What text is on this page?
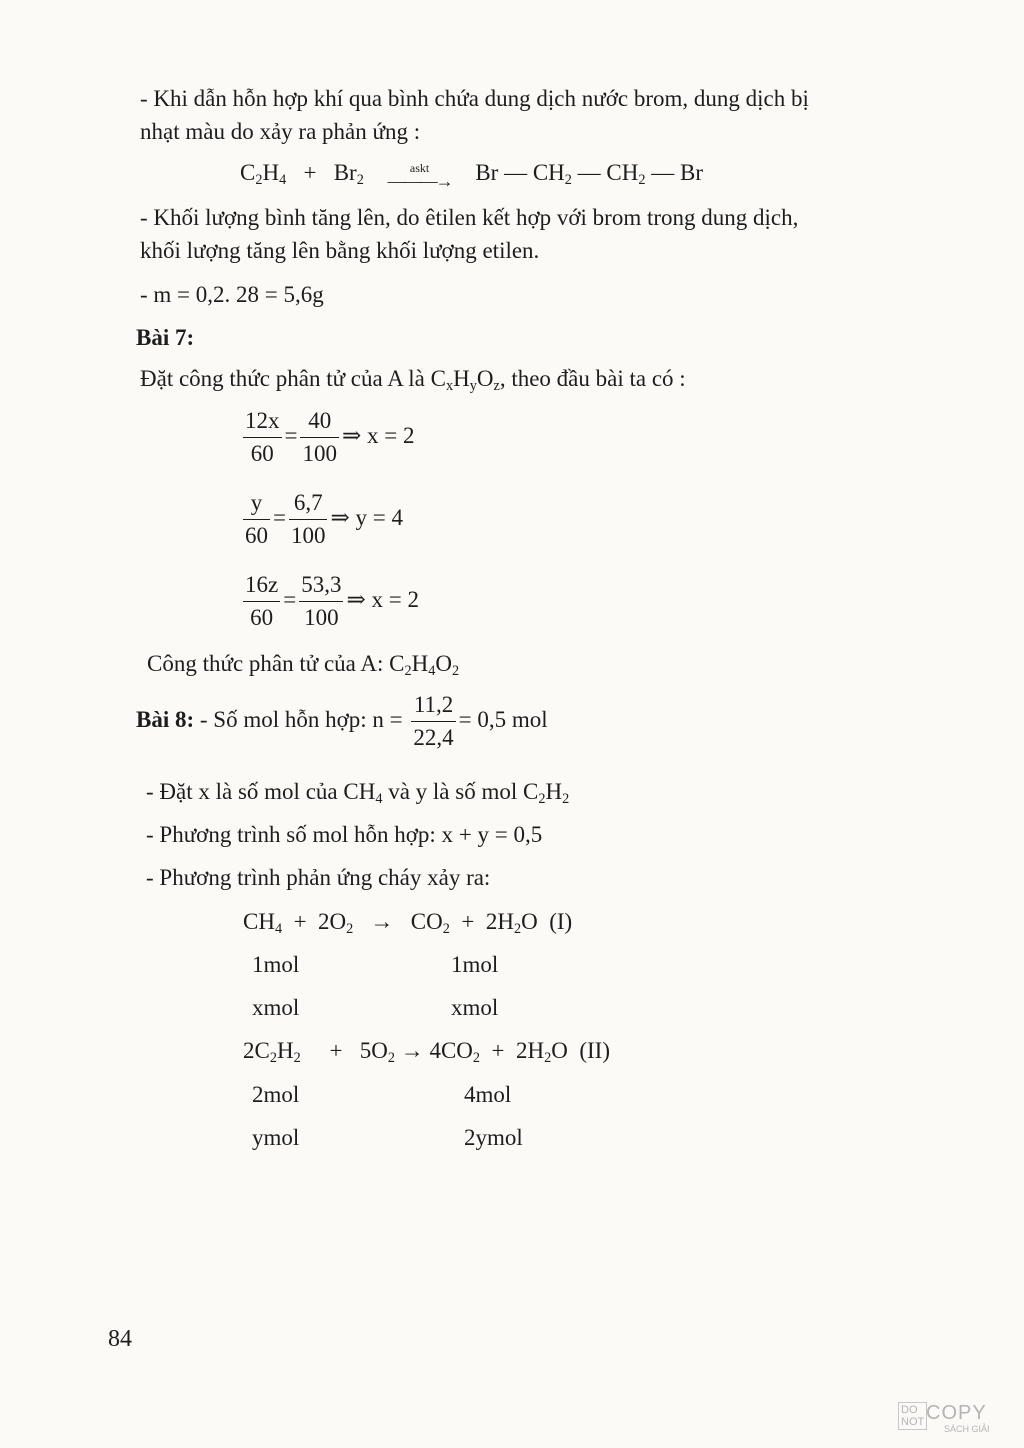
- Khi dẫn hỗn hợp khí qua bình chứa dung dịch nước brom, dung dịch bị
nhạt màu do xảy ra phản ứng :
$C_2H_4 + Br_2$
askt
———→	Br — $CH_2$ — $CH_2$ — Br
- Khối lượng bình tăng lên, do êtilen kết hợp với brom trong dung dịch,
khối lượng tăng lên bằng khối lượng etilen.
- m = 0,2. 28 = 5,6g
Bài 7:
Đặt công thức phân tử của A là $C_xH_yO_z$, theo đầu bài ta có :
$\frac{12x}{60} = \frac{40}{100}$ ⇒ x = 2
$\frac{y}{60} = \frac{6,7}{100}$ ⇒ y = 4
$\frac{16z}{60} = \frac{53,3}{100}$ ⇒ x = 2
Công thức phân tử của A: $C_2H_4O_2$
Bài 8: - Số mol hỗn hợp: $n = \frac{11,2}{22,4} = 0,5$ mol
- Đặt x là số mol của $CH_4$ và y là số mol $C_2H_2$
- Phương trình số mol hỗn hợp: x + y = 0,5
- Phương trình phản ứng cháy xảy ra:
$CH_4 + 2O_2 \to CO_2 + 2H_2O$  (I)
1mol	1mol
xmol	xmol
$2C_2H_2$     +   $5O_2 \to 4CO_2 + 2H_2O$  (II)
2mol	4mol
ymol	2ymol
84
DO
NOT COPY
SÁCH GIẢI
